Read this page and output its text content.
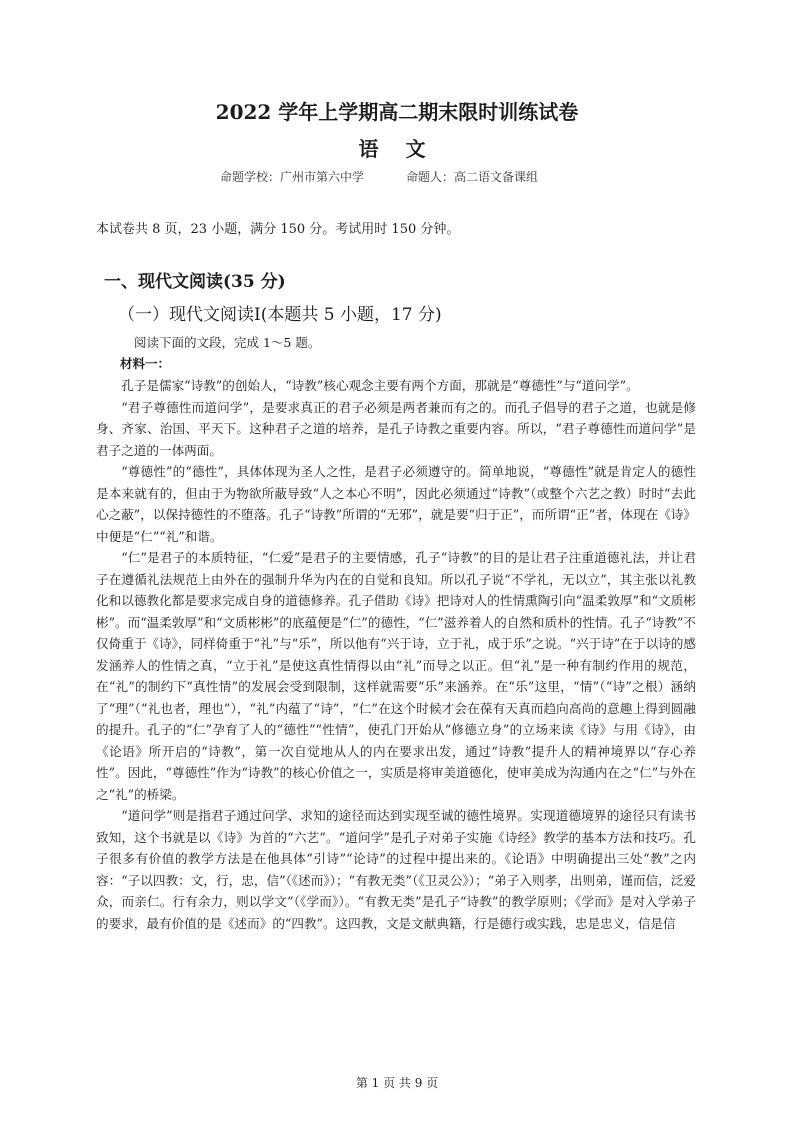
2022 学年上学期高二期末限时训练试卷
语 文
命题学校：广州市第六中学	命题人：高二语文备课组
本试卷共 8 页，23 小题，满分 150 分。考试用时 150 分钟。
一、现代文阅读(35 分)
（一）现代文阅读Ⅰ(本题共 5 小题，17 分)
阅读下面的文段，完成 1～5 题。
材料一：

孔子是儒家“诗教”的创始人，“诗教”核心观念主要有两个方面，那就是“尊德性”与“道问学”。

“君子尊德性而道问学”，是要求真正的君子必须是两者兼而有之的。而孔子倡导的君子之道，也就是修身、齐家、治国、平天下。这种君子之道的培养，是孔子诗教之重要内容。所以，“君子尊德性而道问学”是君子之道的一体两面。

“尊德性”的“德性”，具体体现为圣人之性，是君子必须遵守的。简单地说，“尊德性”就是肯定人的德性是本来就有的，但由于为物欲所蔽导致“人之本心不明”，因此必须通过“诗教”（或整个六艺之教）时时“去此心之蔽”，以保持德性的不堕落。孔子“诗教”所谓的“无邪”，就是要“归于正”，而所谓“正”者，体现在《诗》中便是“仁”“礼”和谐。

“仁”是君子的本质特征，“仁爱”是君子的主要情感，孔子“诗教”的目的是让君子注重道德礼法，并让君子在遵循礼法规范上由外在的强制升华为内在的自觉和良知。所以孔子说“不学礼，无以立”，其主张以礼教化和以德教化都是要求完成自身的道德修养。孔子借助《诗》把诗对人的性情熏陶引向“温柔敦厚”和“文质彬彬”。而“温柔敦厚”和“文质彬彬”的底蕴便是“仁”的德性，“仁”滋养着人的自然和质朴的性情。孔子“诗教”不仅倚重于《诗》，同样倚重于“礼”与“乐”，所以他有“兴于诗，立于礼，成于乐”之说。“兴于诗”在于以诗的感发涵养人的性情之真，“立于礼”是使这真性情得以由“礼”而导之以正。但“礼”是一种有制约作用的规范，在“礼”的制约下“真性情”的发展会受到限制，这样就需要“乐”来涵养。在“乐”这里，“情”（“诗”之根）涵纳了“理”（“礼也者，理也”），“礼”内蕴了“诗”，“仁”在这个时候才会在葆有天真而趋向高尚的意趣上得到圆融的提升。孔子的“仁”孕育了人的“德性”“性情”，使孔门开始从“修德立身”的立场来读《诗》与用《诗》，由《论语》所开启的“诗教”，第一次自觉地从人的内在要求出发，通过“诗教”提升人的精神境界以“存心养性”。因此，“尊德性”作为“诗教”的核心价值之一，实质是将审美道德化，使审美成为沟通内在之“仁”与外在之“礼”的桥梁。

“道问学”则是指君子通过问学、求知的途径而达到实现至诚的德性境界。实现道德境界的途径只有读书致知，这个书就是以《诗》为首的“六艺”。“道问学”是孔子对弟子实施《诗经》教学的基本方法和技巧。孔子很多有价值的教学方法是在他具体“引诗”“论诗”的过程中提出来的。《论语》中明确提出三处“教”之内容：“子以四教：文，行，忠，信”（《述而》）；“有教无类”（《卫灵公》）；“弟子入则孝，出则弟，谨而信，泛爱众，而亲仁。行有余力，则以学文”（《学而》）。“有教无类”是孔子“诗教”的教学原则；《学而》是对入学弟子的要求，最有价值的是《述而》的“四教”。这四教，文是文献典籍，行是德行或实践，忠是忠义，信是信

第 1 页 共 9 页
